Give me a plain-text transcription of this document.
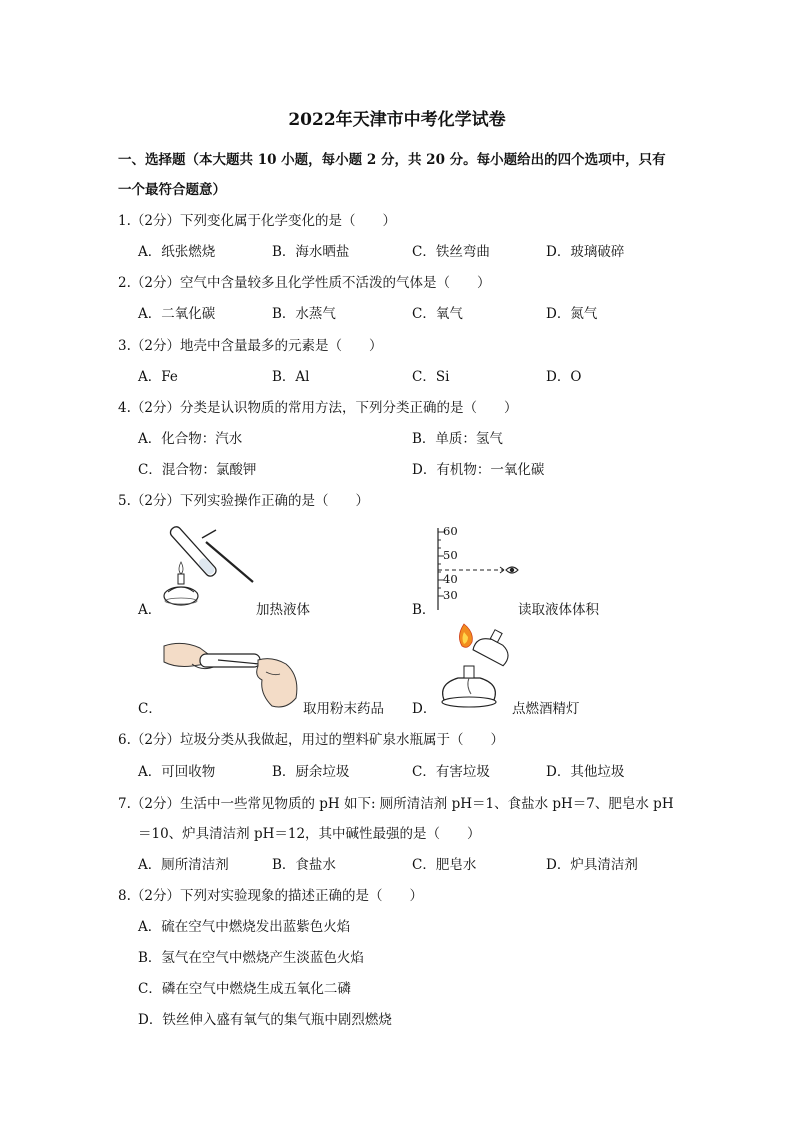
2022年天津市中考化学试卷
一、选择题（本大题共 10 小题，每小题 2 分，共 20 分。每小题给出的四个选项中，只有
一个最符合题意）
1.（2分）下列变化属于化学变化的是（　　）
A．纸张燃烧	B．海水晒盐	C．铁丝弯曲	D．玻璃破碎
2.（2分）空气中含量较多且化学性质不活泼的气体是（　　）
A．二氧化碳	B．水蒸气	C．氧气	D．氮气
3.（2分）地壳中含量最多的元素是（　　）
A．Fe	B．Al	C．Si	D．O
4.（2分）分类是认识物质的常用方法，下列分类正确的是（　　）
A．化合物：汽水	B．单质：氢气
C．混合物：氯酸钾	D．有机物：一氧化碳
5.（2分）下列实验操作正确的是（　　）
A．	加热液体	B．
60
50
40
30
读取液体体积
C．	取用粉末药品 D．	点燃酒精灯
6.（2分）垃圾分类从我做起，用过的塑料矿泉水瓶属于（　　）
A．可回收物	B．厨余垃圾	C．有害垃圾	D．其他垃圾
7.（2分）生活中一些常见物质的 pH 如下: 厕所清洁剂 pH＝1、食盐水 pH＝7、肥皂水 pH
＝10、炉具清洁剂 pH＝12，其中碱性最强的是（　　）
A．厕所清洁剂	B．食盐水	C．肥皂水	D．炉具清洁剂
8.（2分）下列对实验现象的描述正确的是（　　）
A．硫在空气中燃烧发出蓝紫色火焰
B．氢气在空气中燃烧产生淡蓝色火焰
C．磷在空气中燃烧生成五氧化二磷
D．铁丝伸入盛有氧气的集气瓶中剧烈燃烧
